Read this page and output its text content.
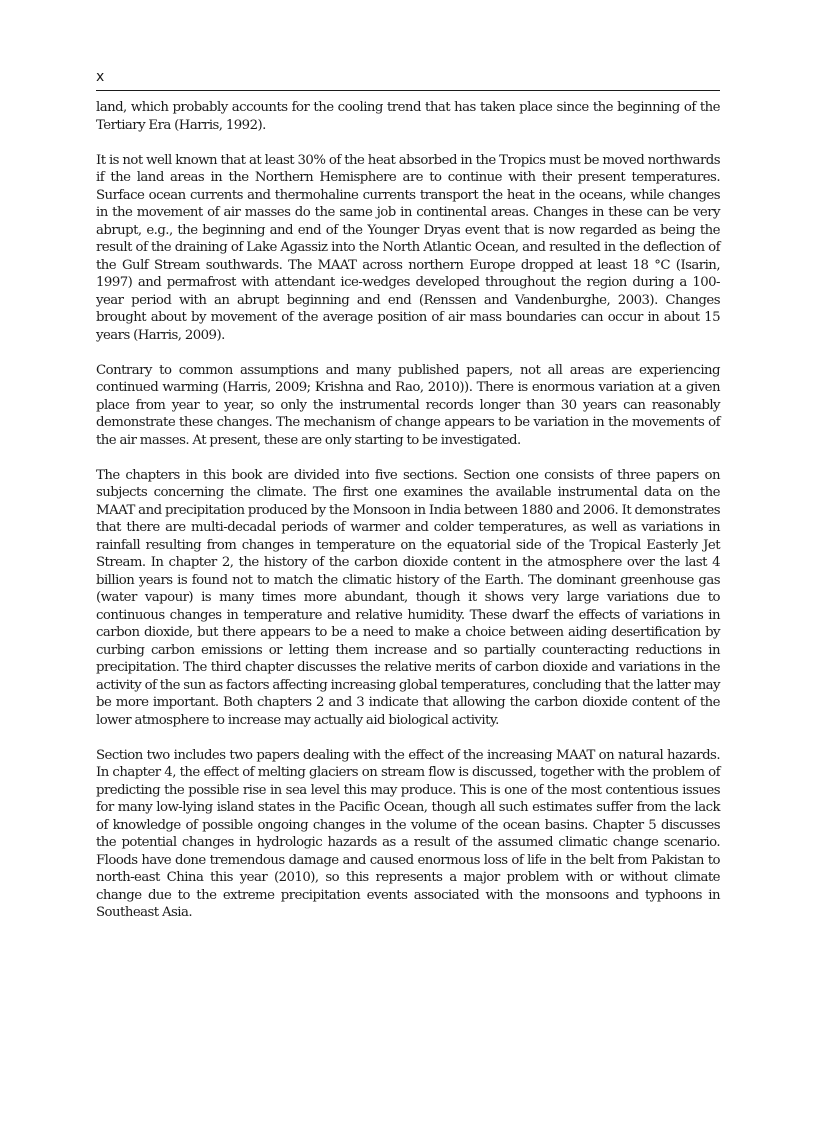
x

land, which probably accounts for the cooling trend that has taken place since the beginning of the Tertiary Era (Harris, 1992).

It is not well known that at least 30% of the heat absorbed in the Tropics must be moved northwards if the land areas in the Northern Hemisphere are to continue with their present temperatures. Surface ocean currents and thermohaline currents transport the heat in the oceans, while changes in the movement of air masses do the same job in continental areas. Changes in these can be very abrupt, e.g., the beginning and end of the Younger Dryas event that is now regarded as being the result of the draining of Lake Agassiz into the North Atlantic Ocean, and resulted in the deflection of the Gulf Stream southwards. The MAAT across northern Europe dropped at least 18 °C (Isarin, 1997) and permafrost with attendant ice-wedges developed throughout the region during a 100-year period with an abrupt beginning and end (Renssen and Vandenburghe, 2003). Changes brought about by movement of the average position of air mass boundaries can occur in about 15 years (Harris, 2009).

Contrary to common assumptions and many published papers, not all areas are experiencing continued warming (Harris, 2009; Krishna and Rao, 2010)). There is enormous variation at a given place from year to year, so only the instrumental records longer than 30 years can reasonably demonstrate these changes. The mechanism of change appears to be variation in the movements of the air masses. At present, these are only starting to be investigated.

The chapters in this book are divided into five sections. Section one consists of three papers on subjects concerning the climate. The first one examines the available instrumental data on the MAAT and precipitation produced by the Monsoon in India between 1880 and 2006. It demonstrates that there are multi-decadal periods of warmer and colder temperatures, as well as variations in rainfall resulting from changes in temperature on the equatorial side of the Tropical Easterly Jet Stream. In chapter 2, the history of the carbon dioxide content in the atmosphere over the last 4 billion years is found not to match the climatic history of the Earth. The dominant greenhouse gas (water vapour) is many times more abundant, though it shows very large variations due to continuous changes in temperature and relative humidity. These dwarf the effects of variations in carbon dioxide, but there appears to be a need to make a choice between aiding desertification by curbing carbon emissions or letting them increase and so partially counteracting reductions in precipitation. The third chapter discusses the relative merits of carbon dioxide and variations in the activity of the sun as factors affecting increasing global temperatures, concluding that the latter may be more important. Both chapters 2 and 3 indicate that allowing the carbon dioxide content of the lower atmosphere to increase may actually aid biological activity.

Section two includes two papers dealing with the effect of the increasing MAAT on natural hazards. In chapter 4, the effect of melting glaciers on stream flow is discussed, together with the problem of predicting the possible rise in sea level this may produce. This is one of the most contentious issues for many low-lying island states in the Pacific Ocean, though all such estimates suffer from the lack of knowledge of possible ongoing changes in the volume of the ocean basins. Chapter 5 discusses the potential changes in hydrologic hazards as a result of the assumed climatic change scenario. Floods have done tremendous damage and caused enormous loss of life in the belt from Pakistan to north-east China this year (2010), so this represents a major problem with or without climate change due to the extreme precipitation events associated with the monsoons and typhoons in Southeast Asia.
